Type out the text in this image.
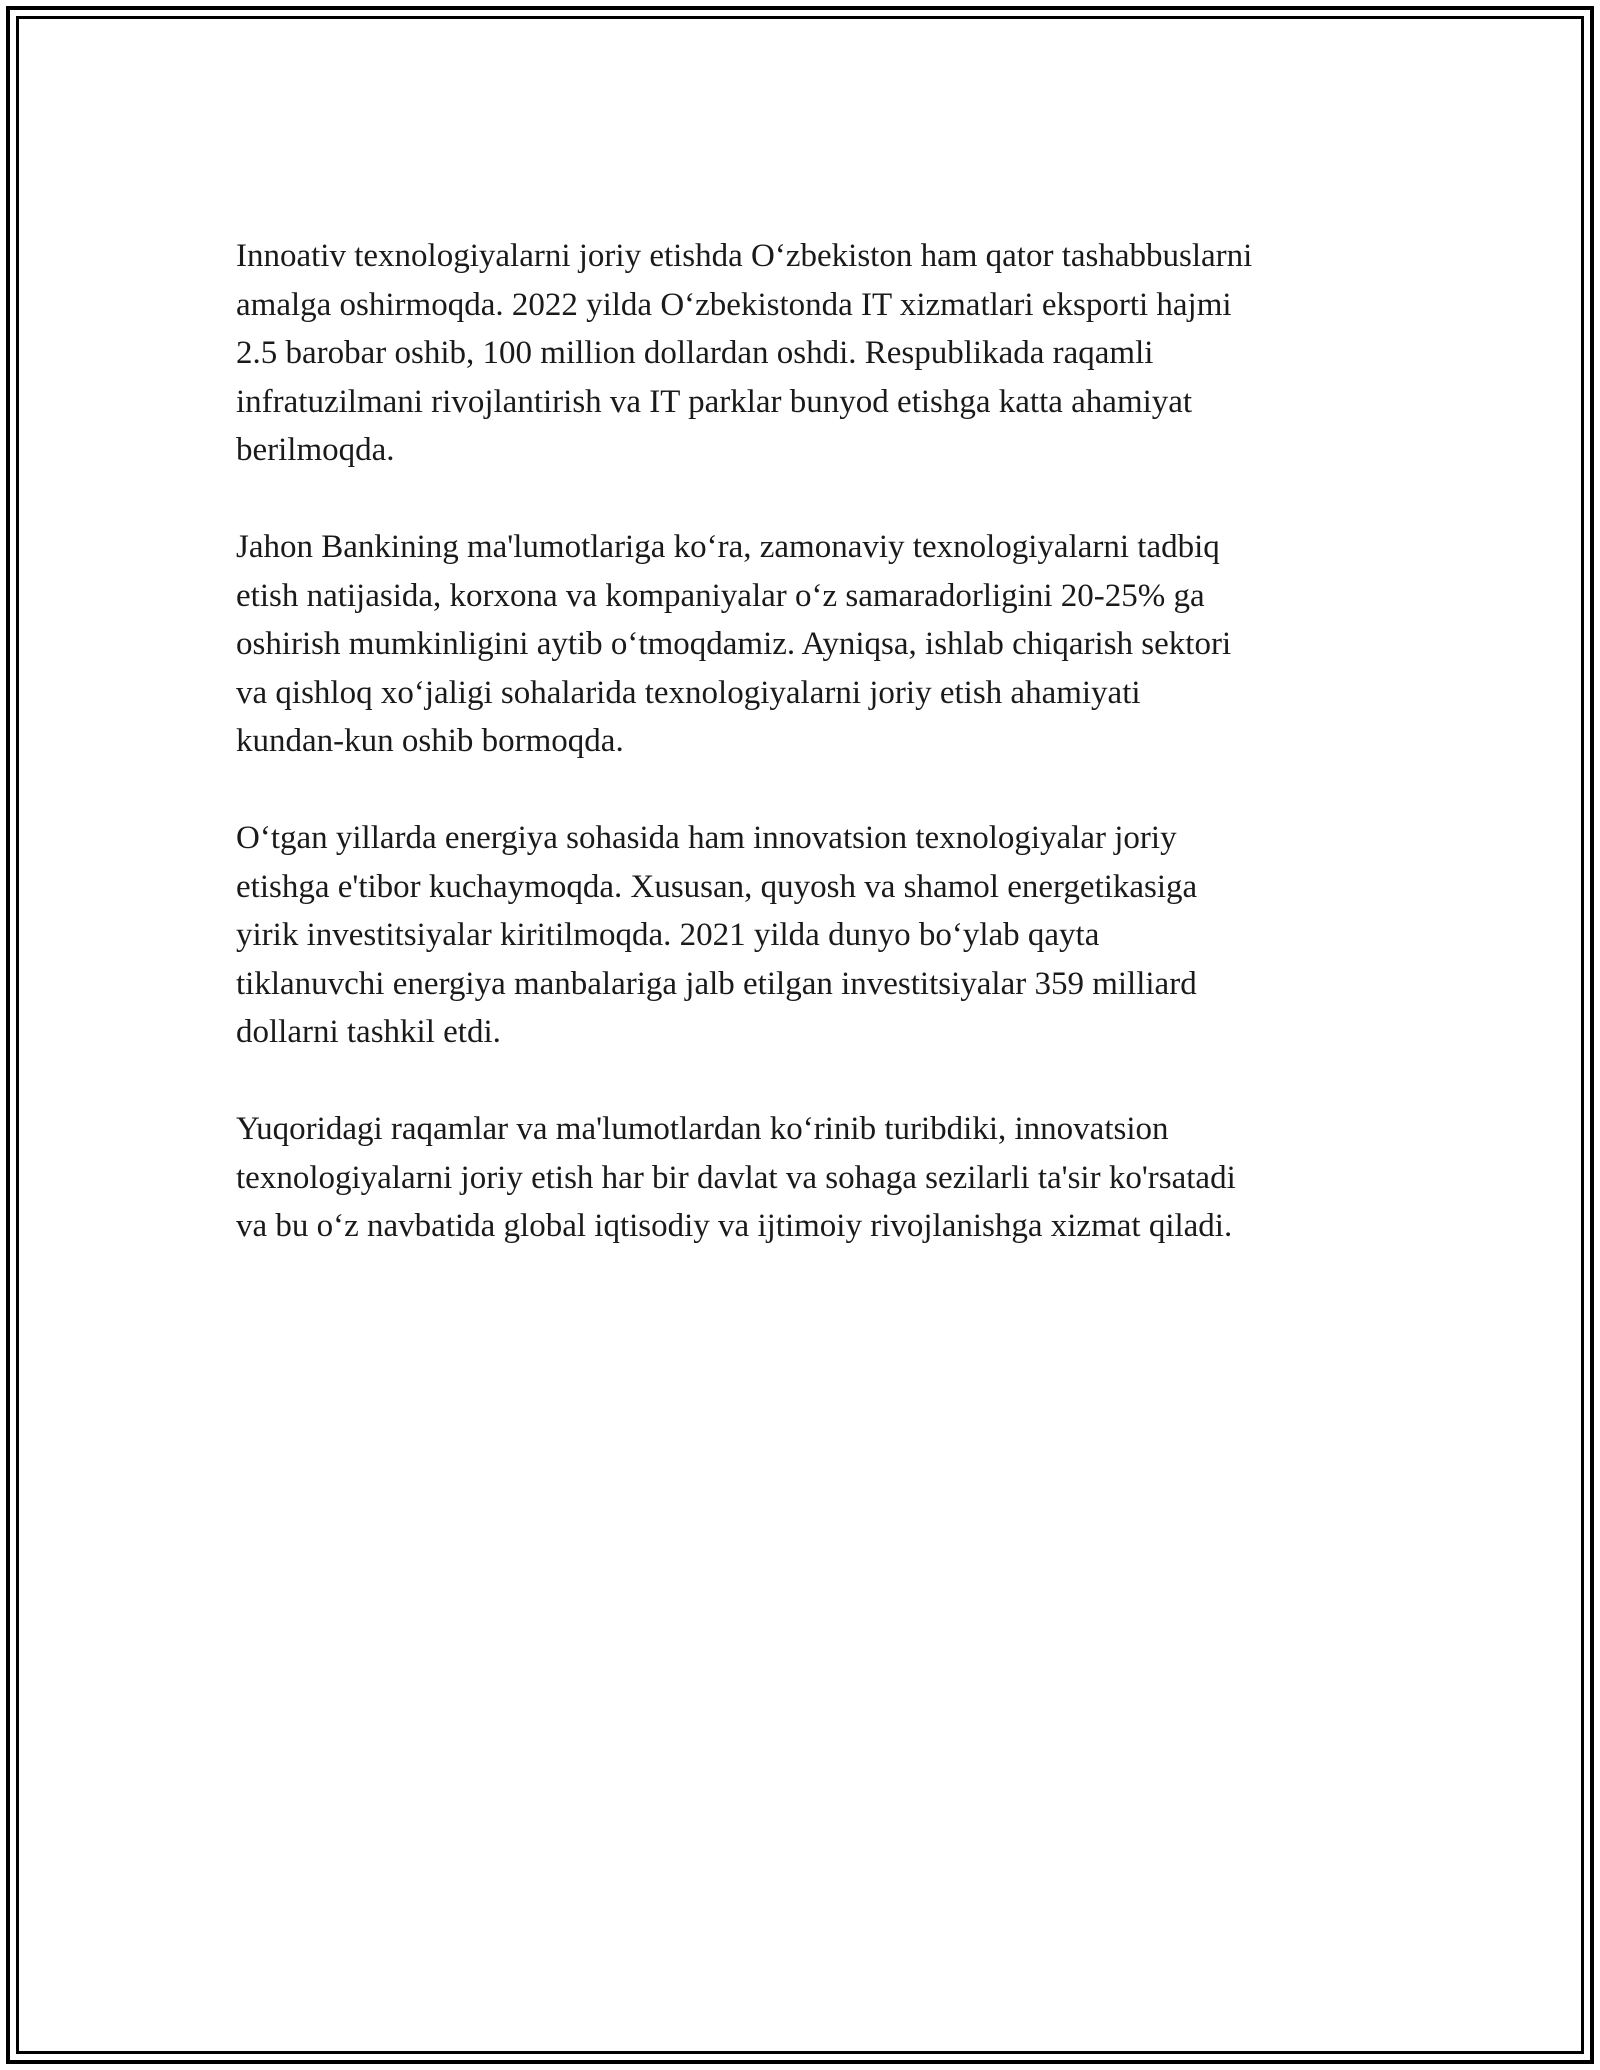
Innoativ texnologiyalarni joriy etishda O‘zbekiston ham qator tashabbuslarni
amalga oshirmoqda. 2022 yilda O‘zbekistonda IT xizmatlari eksporti hajmi
2.5 barobar oshib, 100 million dollardan oshdi. Respublikada raqamli
infratuzilmani rivojlantirish va IT parklar bunyod etishga katta ahamiyat
berilmoqda.

Jahon Bankining ma'lumotlariga ko‘ra, zamonaviy texnologiyalarni tadbiq
etish natijasida, korxona va kompaniyalar o‘z samaradorligini 20-25% ga
oshirish mumkinligini aytib o‘tmoqdamiz. Ayniqsa, ishlab chiqarish sektori
va qishloq xo‘jaligi sohalarida texnologiyalarni joriy etish ahamiyati
kundan-kun oshib bormoqda.

O‘tgan yillarda energiya sohasida ham innovatsion texnologiyalar joriy
etishga e'tibor kuchaymoqda. Xususan, quyosh va shamol energetikasiga
yirik investitsiyalar kiritilmoqda. 2021 yilda dunyo bo‘ylab qayta
tiklanuvchi energiya manbalariga jalb etilgan investitsiyalar 359 milliard
dollarni tashkil etdi.

Yuqoridagi raqamlar va ma'lumotlardan ko‘rinib turibdiki, innovatsion
texnologiyalarni joriy etish har bir davlat va sohaga sezilarli ta'sir ko'rsatadi
va bu o‘z navbatida global iqtisodiy va ijtimoiy rivojlanishga xizmat qiladi.
